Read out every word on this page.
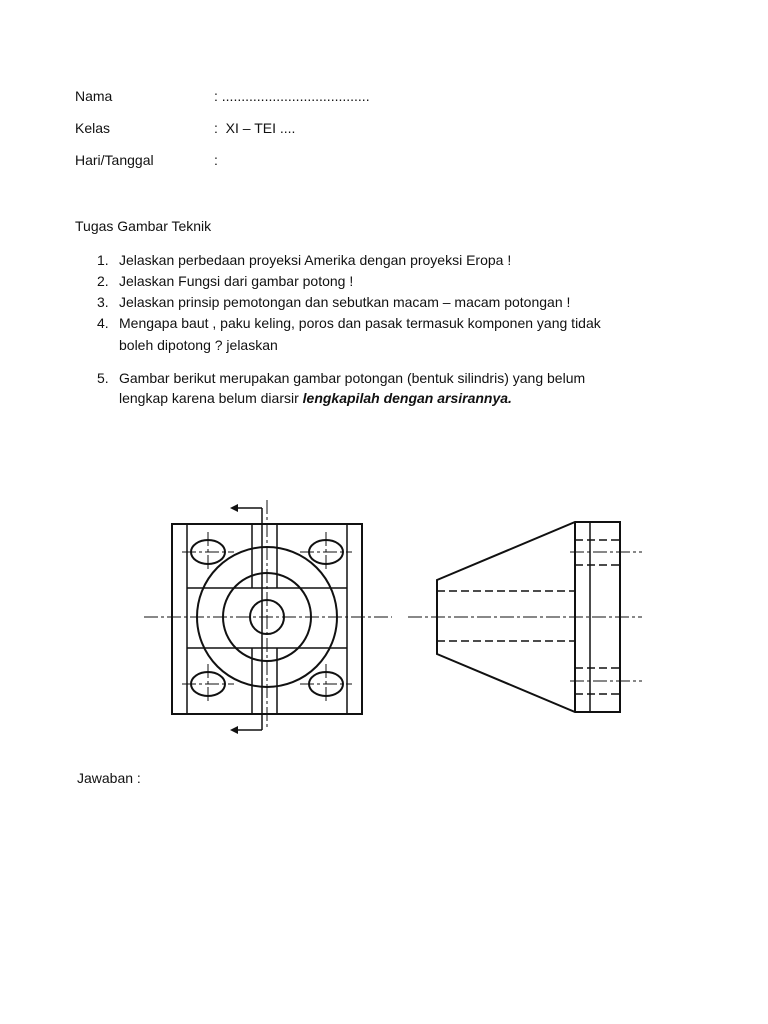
Nama	: ......................................
Kelas	:  XI – TEI ....
Hari/Tanggal	:
Tugas Gambar Teknik
1. Jelaskan perbedaan proyeksi Amerika dengan proyeksi Eropa !
2. Jelaskan Fungsi dari gambar potong !
3. Jelaskan prinsip pemotongan dan sebutkan macam – macam potongan !
4. Mengapa baut , paku keling, poros dan pasak termasuk komponen yang tidak
boleh dipotong ? jelaskan
5. Gambar berikut merupakan gambar potongan (bentuk silindris) yang belum
lengkap karena belum diarsir lengkapilah dengan arsirannya.
Jawaban :
